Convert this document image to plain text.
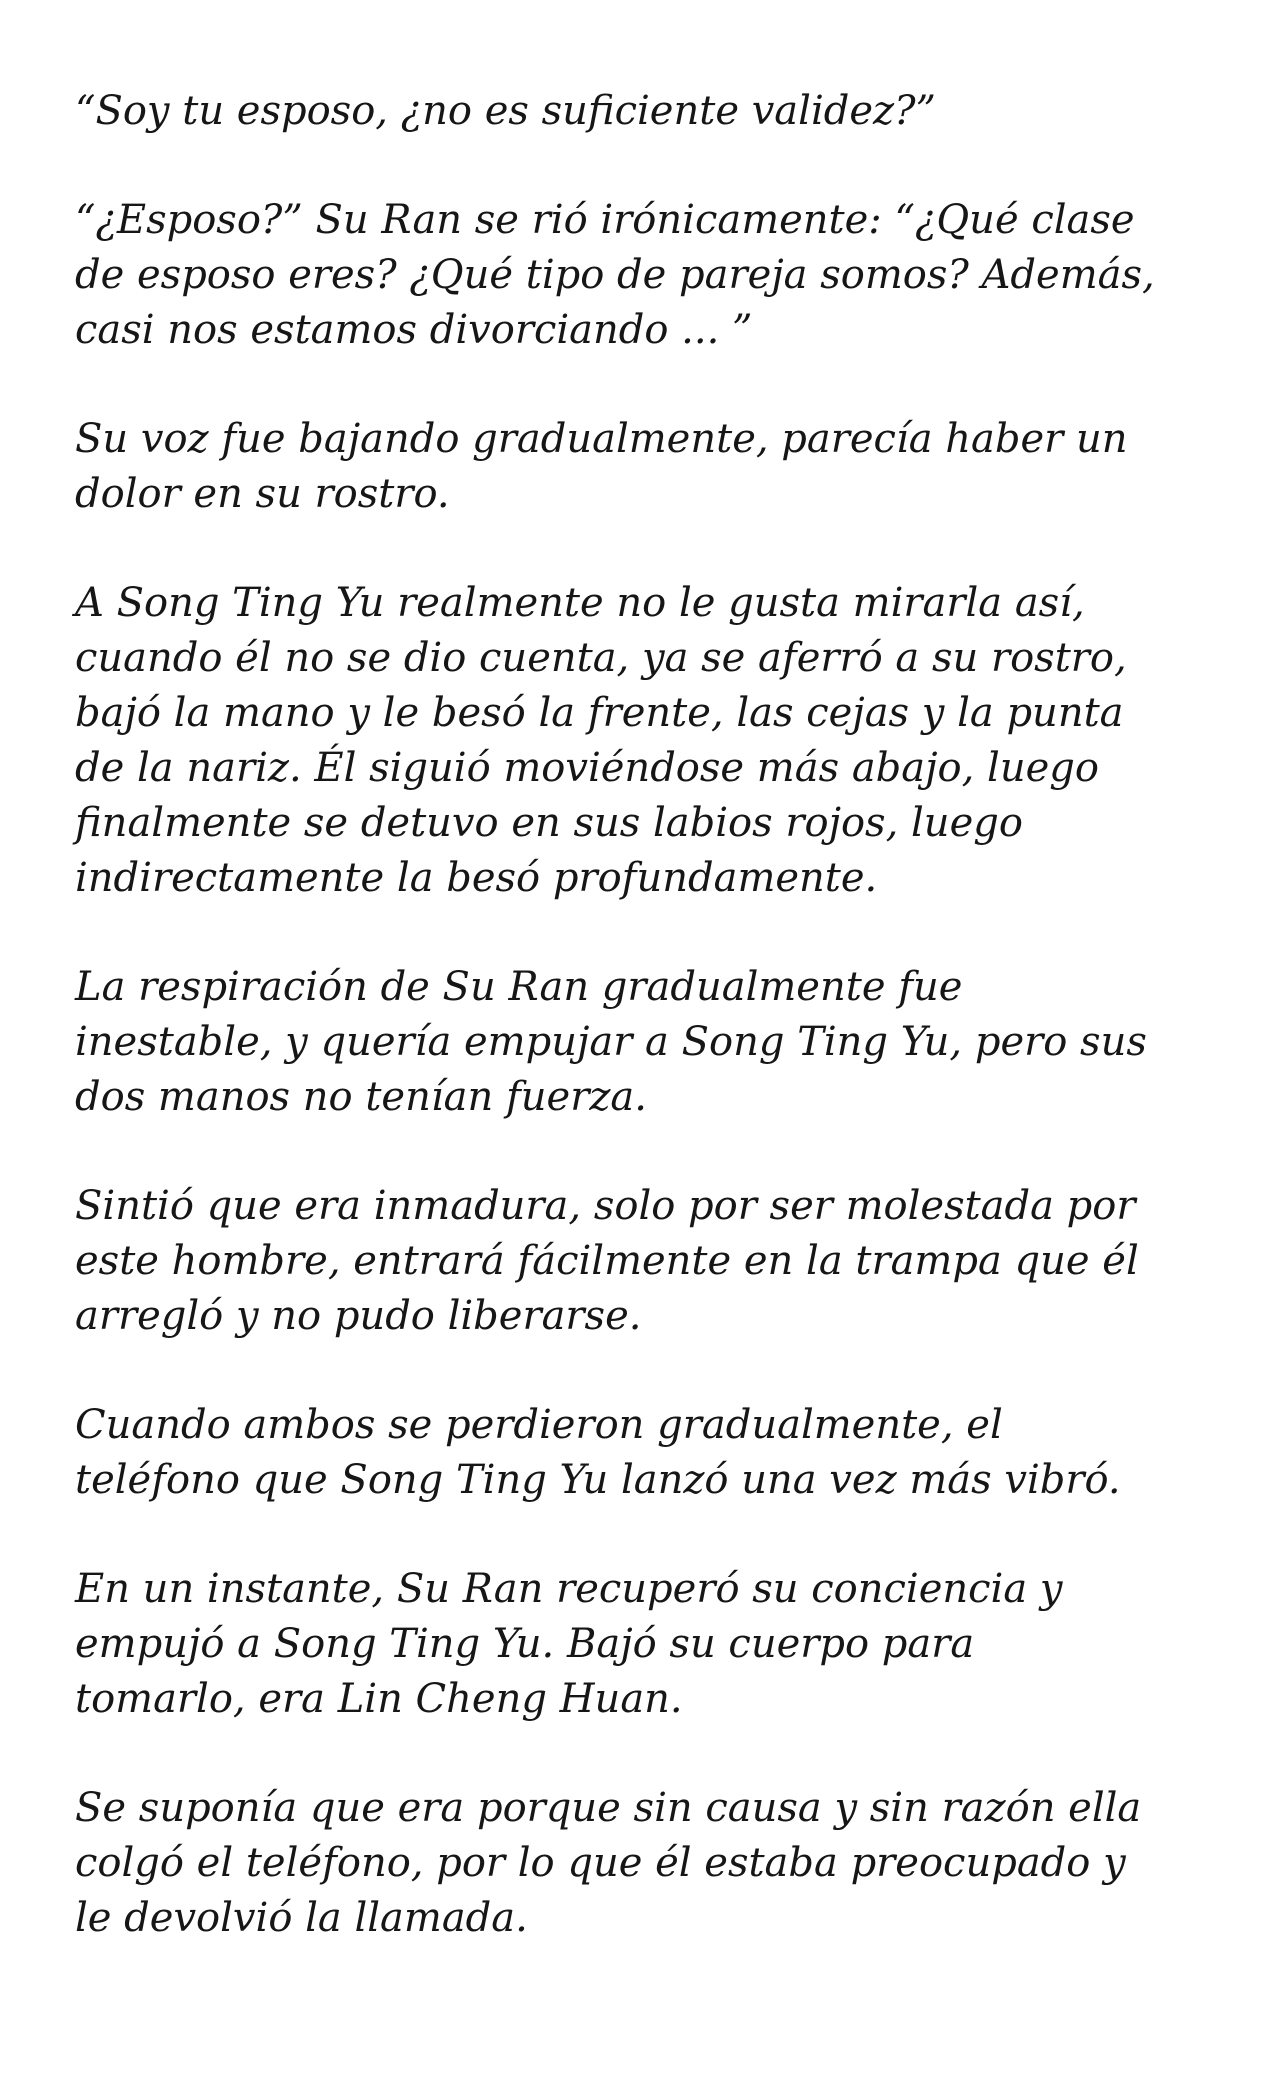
“Soy tu esposo, ¿no es suficiente validez?”

“¿Esposo?” Su Ran se rió irónicamente: “¿Qué clase
de esposo eres? ¿Qué tipo de pareja somos? Además,
casi nos estamos divorciando ... ”

Su voz fue bajando gradualmente, parecía haber un
dolor en su rostro.

A Song Ting Yu realmente no le gusta mirarla así,
cuando él no se dio cuenta, ya se aferró a su rostro,
bajó la mano y le besó la frente, las cejas y la punta
de la nariz. Él siguió moviéndose más abajo, luego
finalmente se detuvo en sus labios rojos, luego
indirectamente la besó profundamente.

La respiración de Su Ran gradualmente fue
inestable, y quería empujar a Song Ting Yu, pero sus
dos manos no tenían fuerza.

Sintió que era inmadura, solo por ser molestada por
este hombre, entrará fácilmente en la trampa que él
arregló y no pudo liberarse.

Cuando ambos se perdieron gradualmente, el
teléfono que Song Ting Yu lanzó una vez más vibró.

En un instante, Su Ran recuperó su conciencia y
empujó a Song Ting Yu. Bajó su cuerpo para
tomarlo, era Lin Cheng Huan.

Se suponía que era porque sin causa y sin razón ella
colgó el teléfono, por lo que él estaba preocupado y
le devolvió la llamada.
